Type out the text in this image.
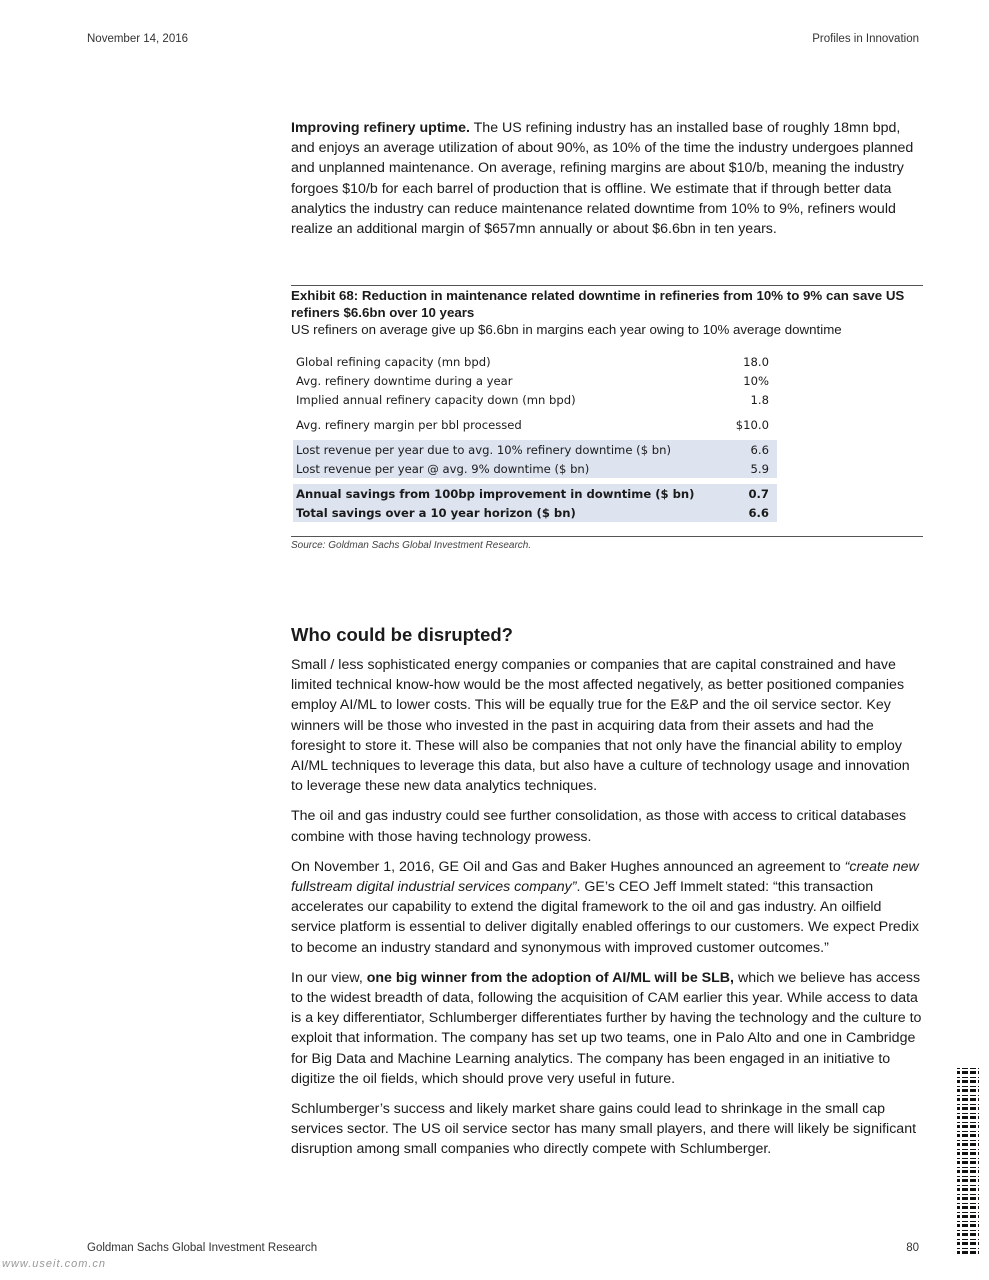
November 14, 2016	Profiles in Innovation

Improving refinery uptime. The US refining industry has an installed base of roughly 18mn bpd, and enjoys an average utilization of about 90%, as 10% of the time the industry undergoes planned and unplanned maintenance. On average, refining margins are about $10/b, meaning the industry forgoes $10/b for each barrel of production that is offline. We estimate that if through better data analytics the industry can reduce maintenance related downtime from 10% to 9%, refiners would realize an additional margin of $657mn annually or about $6.6bn in ten years.

Exhibit 68: Reduction in maintenance related downtime in refineries from 10% to 9% can save US refiners $6.6bn over 10 years
US refiners on average give up $6.6bn in margins each year owing to 10% average downtime
Global refining capacity (mn bpd)	18.0
Avg. refinery downtime during a year	10%
Implied annual refinery capacity down (mn bpd)	1.8

Avg. refinery margin per bbl processed	$10.0

Lost revenue per year due to avg. 10% refinery downtime ($ bn)	6.6
Lost revenue per year @ avg. 9% downtime ($ bn)	5.9

Annual savings from 100bp improvement in downtime ($ bn)	0.7
Total savings over a 10 year horizon ($ bn)	6.6
Source: Goldman Sachs Global Investment Research.
Who could be disrupted?

Small / less sophisticated energy companies or companies that are capital constrained and have limited technical know-how would be the most affected negatively, as better positioned companies employ AI/ML to lower costs. This will be equally true for the E&P and the oil service sector. Key winners will be those who invested in the past in acquiring data from their assets and had the foresight to store it. These will also be companies that not only have the financial ability to employ AI/ML techniques to leverage this data, but also have a culture of technology usage and innovation to leverage these new data analytics techniques.

The oil and gas industry could see further consolidation, as those with access to critical databases combine with those having technology prowess.

On November 1, 2016, GE Oil and Gas and Baker Hughes announced an agreement to “create new fullstream digital industrial services company”. GE’s CEO Jeff Immelt stated: “this transaction accelerates our capability to extend the digital framework to the oil and gas industry. An oilfield service platform is essential to deliver digitally enabled offerings to our customers. We expect Predix to become an industry standard and synonymous with improved customer outcomes.”

In our view, one big winner from the adoption of AI/ML will be SLB, which we believe has access to the widest breadth of data, following the acquisition of CAM earlier this year. While access to data is a key differentiator, Schlumberger differentiates further by having the technology and the culture to exploit that information. The company has set up two teams, one in Palo Alto and one in Cambridge for Big Data and Machine Learning analytics. The company has been engaged in an initiative to digitize the oil fields, which should prove very useful in future.

Schlumberger’s success and likely market share gains could lead to shrinkage in the small cap services sector. The US oil service sector has many small players, and there will likely be significant disruption among small companies who directly compete with Schlumberger.

Goldman Sachs Global Investment Research	80
www.useit.com.cn
